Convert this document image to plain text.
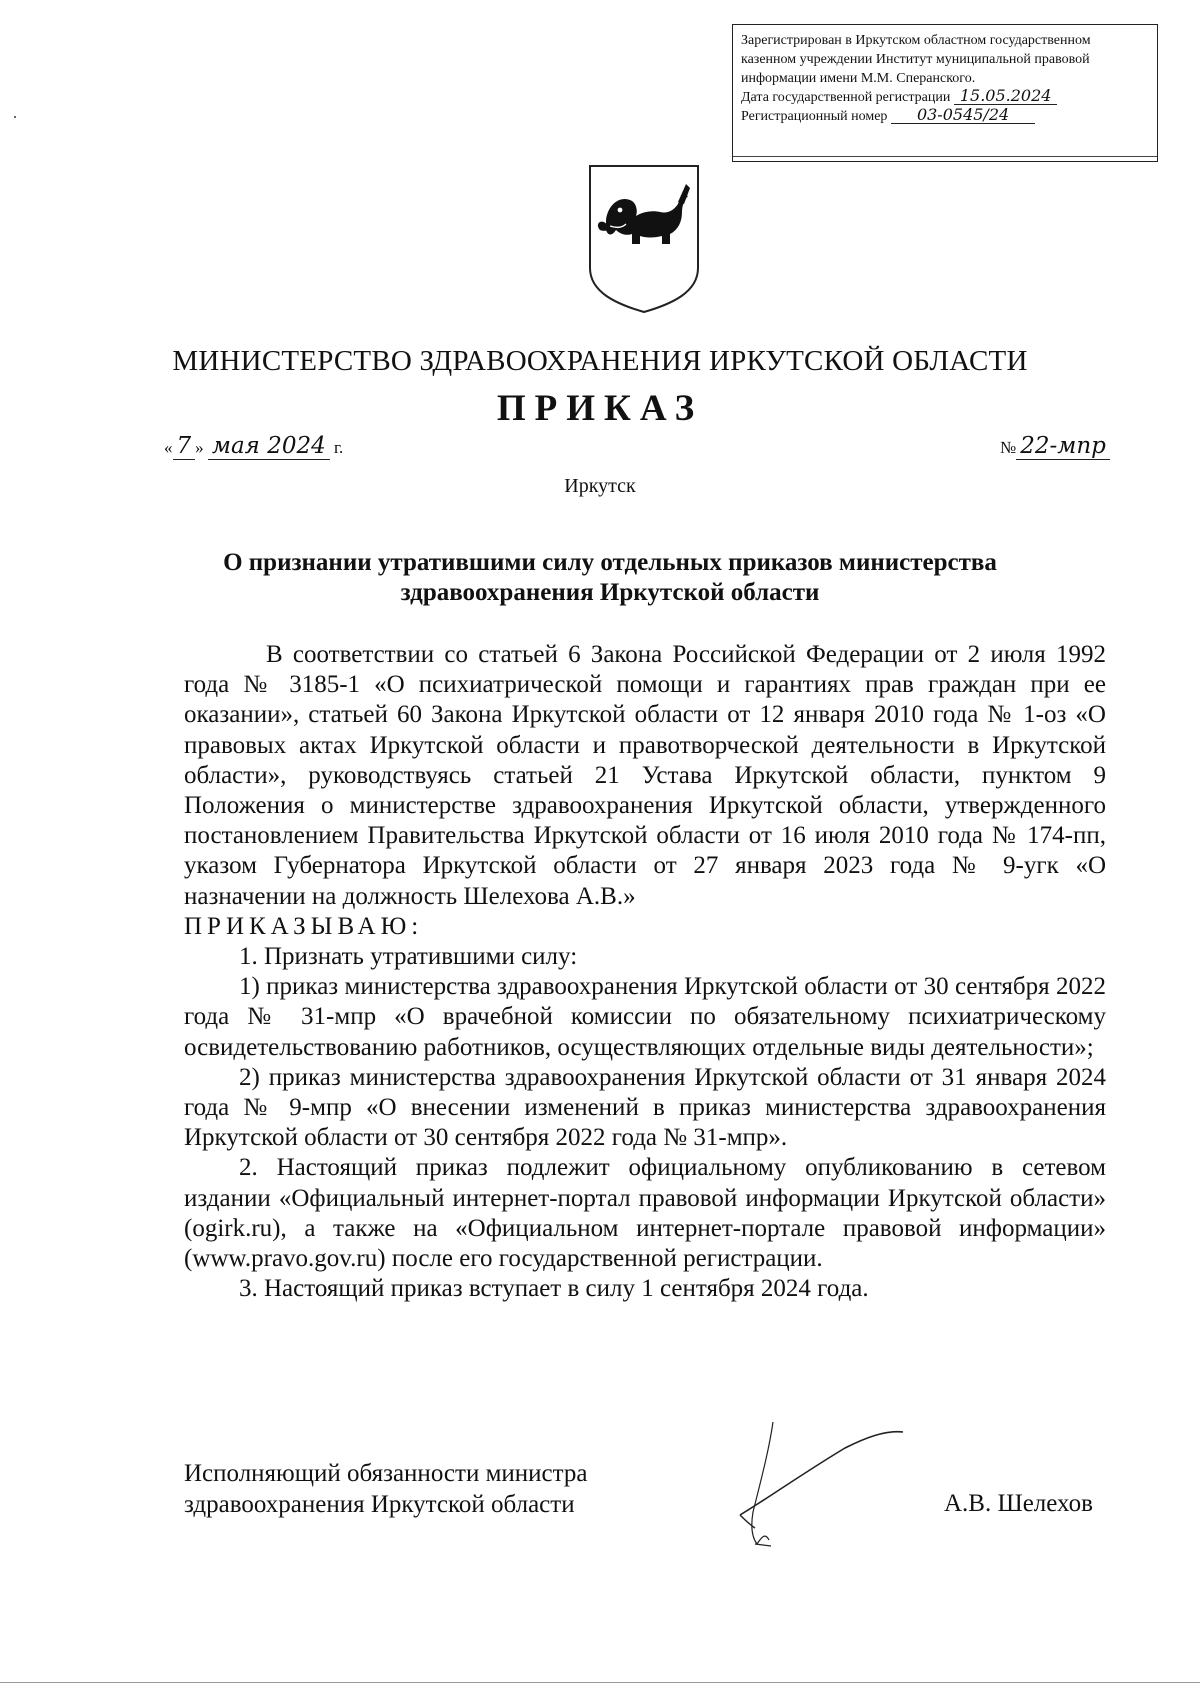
Зарегистрирован в Иркутском областном государственном
казенном учреждении Институт муниципальной правовой
информации имени М.М. Сперанского.
Дата государственной регистрации 15.05.2024
Регистрационный номер 03-0545/24
МИНИСТЕРСТВО ЗДРАВООХРАНЕНИЯ ИРКУТСКОЙ ОБЛАСТИ
ПРИКАЗ
« 7 » мая 2024 г.	№ 22-мпр
Иркутск
О признании утратившими силу отдельных приказов министерства
здравоохранения Иркутской области

В соответствии со статьей 6 Закона Российской Федерации от 2 июля 1992 года № 3185-1 «О психиатрической помощи и гарантиях прав граждан при ее оказании», статьей 60 Закона Иркутской области от 12 января 2010 года № 1-оз «О правовых актах Иркутской области и правотворческой деятельности в Иркутской области», руководствуясь статьей 21 Устава Иркутской области, пунктом 9 Положения о министерстве здравоохранения Иркутской области, утвержденного постановлением Правительства Иркутской области от 16 июля 2010 года № 174-пп, указом Губернатора Иркутской области от 27 января 2023 года № 9-угк «О назначении на должность Шелехова А.В.»

ПРИКАЗЫВАЮ:

1. Признать утратившими силу:

1) приказ министерства здравоохранения Иркутской области от 30 сентября 2022 года № 31-мпр «О врачебной комиссии по обязательному психиатрическому освидетельствованию работников, осуществляющих отдельные виды деятельности»;

2) приказ министерства здравоохранения Иркутской области от 31 января 2024 года № 9-мпр «О внесении изменений в приказ министерства здравоохранения Иркутской области от 30 сентября 2022 года № 31-мпр».

2. Настоящий приказ подлежит официальному опубликованию в сетевом издании «Официальный интернет-портал правовой информации Иркутской области» (ogirk.ru), а также на «Официальном интернет-портале правовой информации» (www.pravo.gov.ru) после его государственной регистрации.

3. Настоящий приказ вступает в силу 1 сентября 2024 года.

Исполняющий обязанности министра
здравоохранения Иркутской области	А.В. Шелехов
